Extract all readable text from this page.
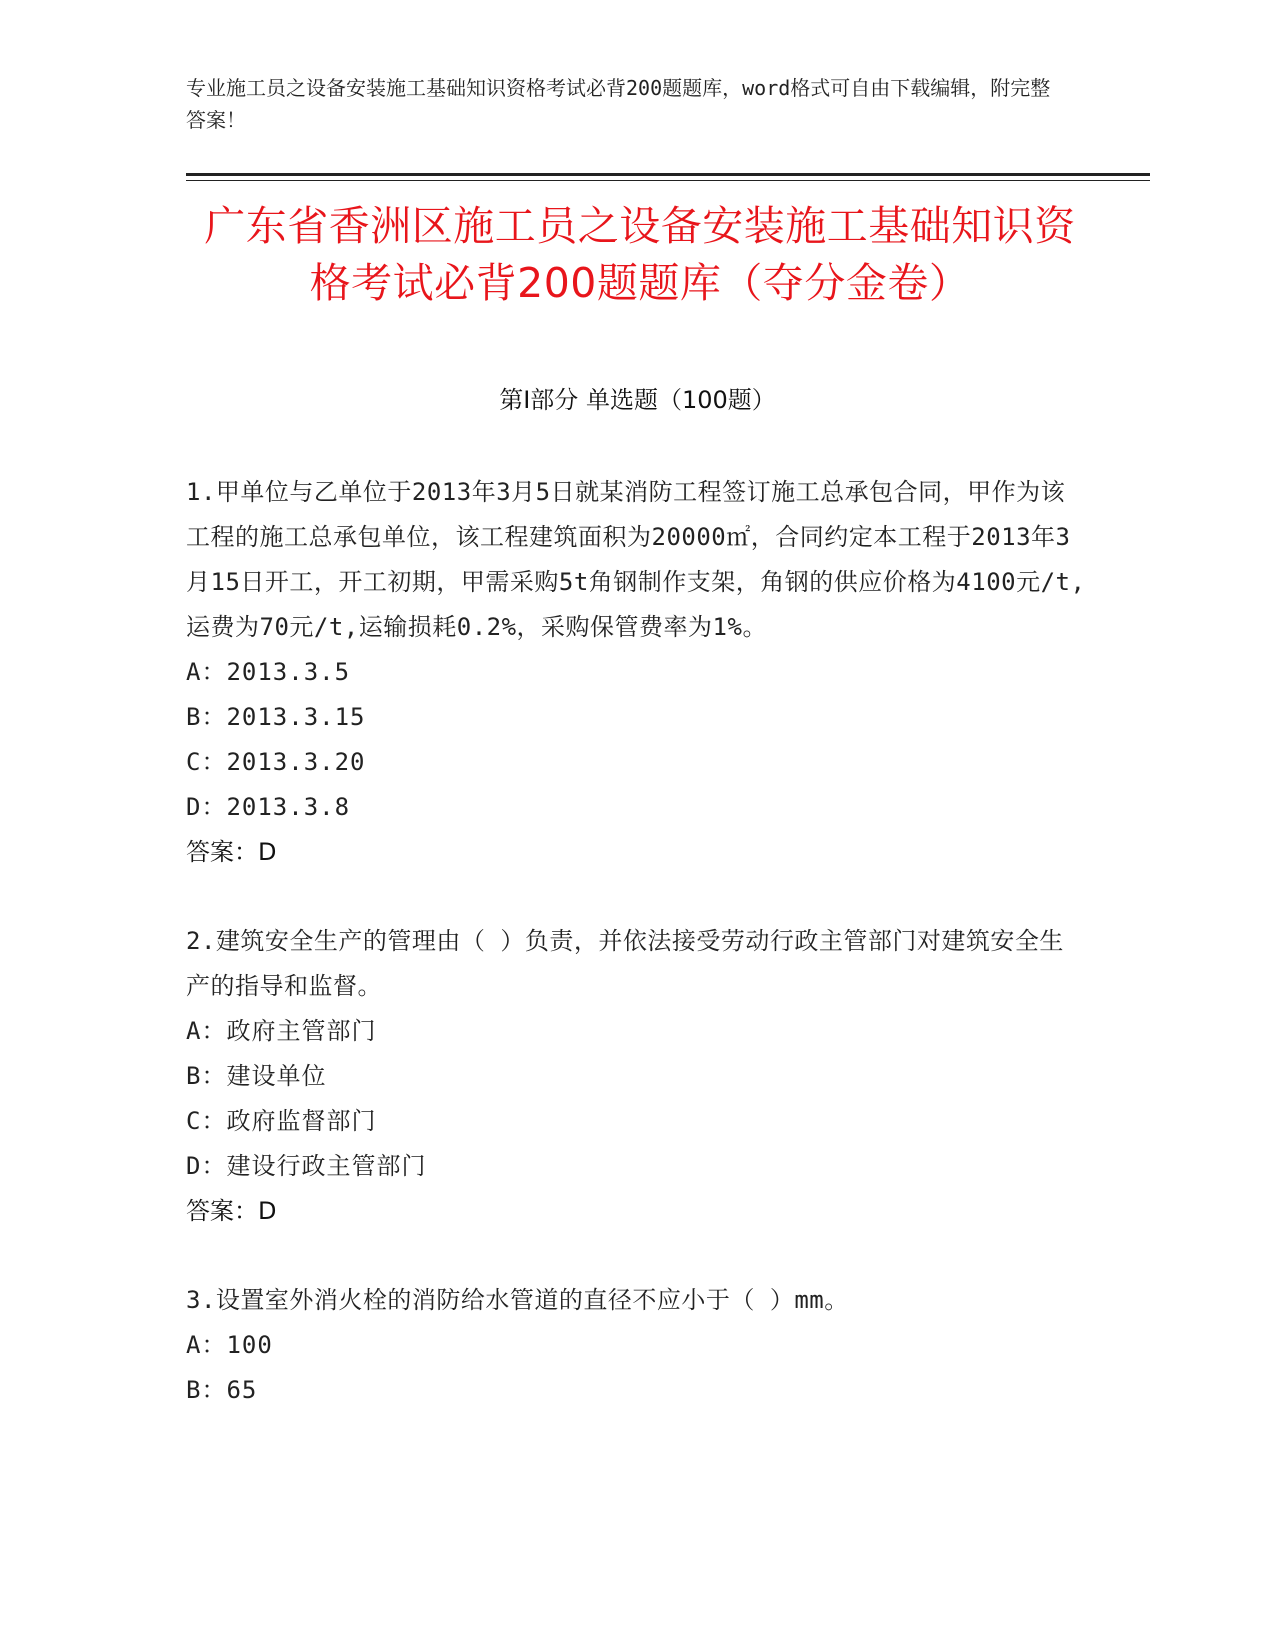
专业施工员之设备安装施工基础知识资格考试必背200题题库，word格式可自由下载编辑，附完整答案！
广东省香洲区施工员之设备安装施工基础知识资格考试必背200题题库（夺分金卷）
第Ⅰ部分 单选题（100题）
1.甲单位与乙单位于2013年3月5日就某消防工程签订施工总承包合同，甲作为该工程的施工总承包单位，该工程建筑面积为20000㎡，合同约定本工程于2013年3月15日开工，开工初期，甲需采购5t角钢制作支架，角钢的供应价格为4100元/t,运费为70元/t,运输损耗0.2%，采购保管费率为1%。
A：2013.3.5
B：2013.3.15
C：2013.3.20
D：2013.3.8
答案：D
2.建筑安全生产的管理由（ ）负责，并依法接受劳动行政主管部门对建筑安全生产的指导和监督。
A：政府主管部门
B：建设单位
C：政府监督部门
D：建设行政主管部门
答案：D
3.设置室外消火栓的消防给水管道的直径不应小于（ ）mm。
A：100
B：65
